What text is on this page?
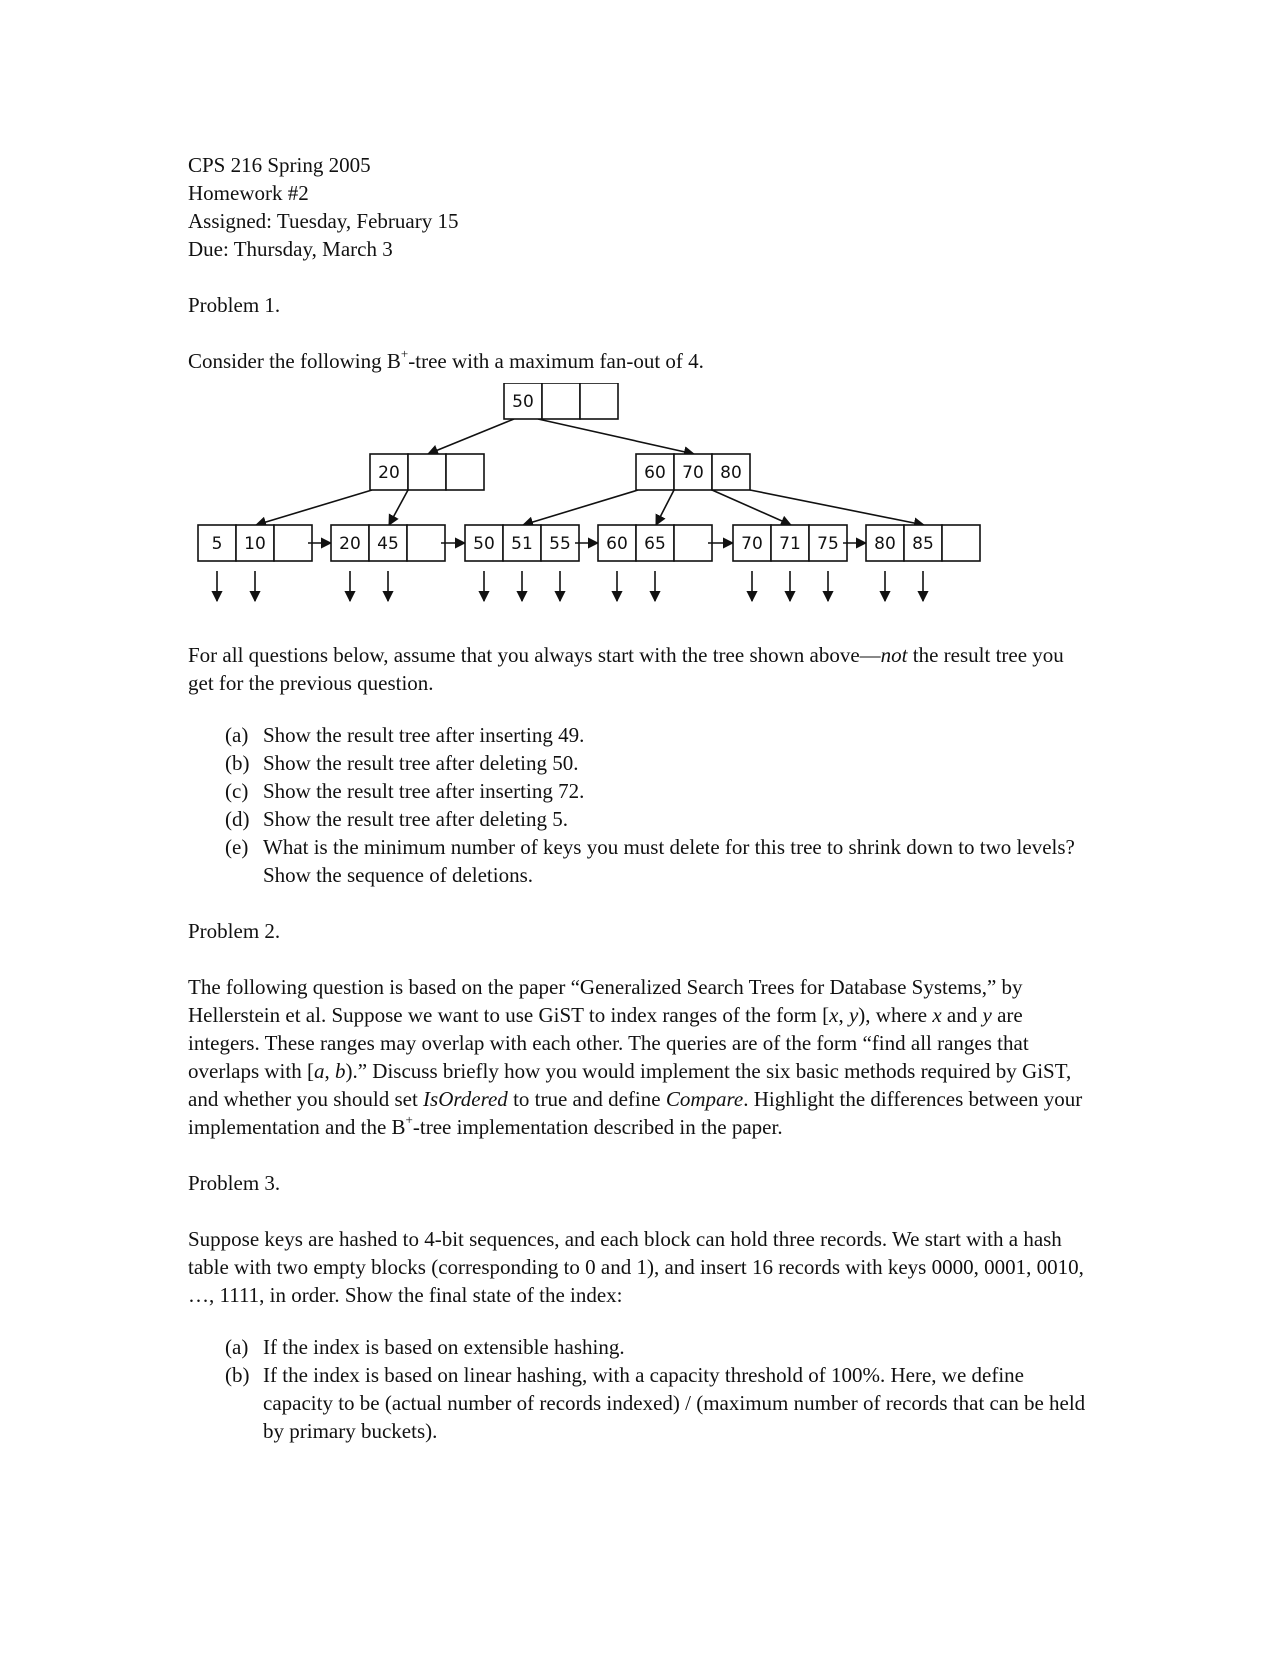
CPS 216 Spring 2005

Homework #2

Assigned: Tuesday, February 15

Due: Thursday, March 3

Problem 1.

Consider the following B+-tree with a maximum fan-out of 4.

50
20	60 70 80
5 10	20 45	50 51 55 60 65	70 71 75 80 85

For all questions below, assume that you always start with the tree shown above—not the result tree you get for the previous question.

(a) Show the result tree after inserting 49.
(b) Show the result tree after deleting 50.
(c) Show the result tree after inserting 72.
(d) Show the result tree after deleting 5.
(e) What is the minimum number of keys you must delete for this tree to shrink down to two levels? Show the sequence of deletions.

Problem 2.

The following question is based on the paper “Generalized Search Trees for Database Systems,” by Hellerstein et al. Suppose we want to use GiST to index ranges of the form [x, y), where x and y are integers. These ranges may overlap with each other. The queries are of the form “find all ranges that overlaps with [a, b).” Discuss briefly how you would implement the six basic methods required by GiST, and whether you should set IsOrdered to true and define Compare. Highlight the differences between your implementation and the B+-tree implementation described in the paper.

Problem 3.

Suppose keys are hashed to 4-bit sequences, and each block can hold three records. We start with a hash table with two empty blocks (corresponding to 0 and 1), and insert 16 records with keys 0000, 0001, 0010, …, 1111, in order. Show the final state of the index:

(a) If the index is based on extensible hashing.
(b) If the index is based on linear hashing, with a capacity threshold of 100%. Here, we define capacity to be (actual number of records indexed) / (maximum number of records that can be held by primary buckets).
